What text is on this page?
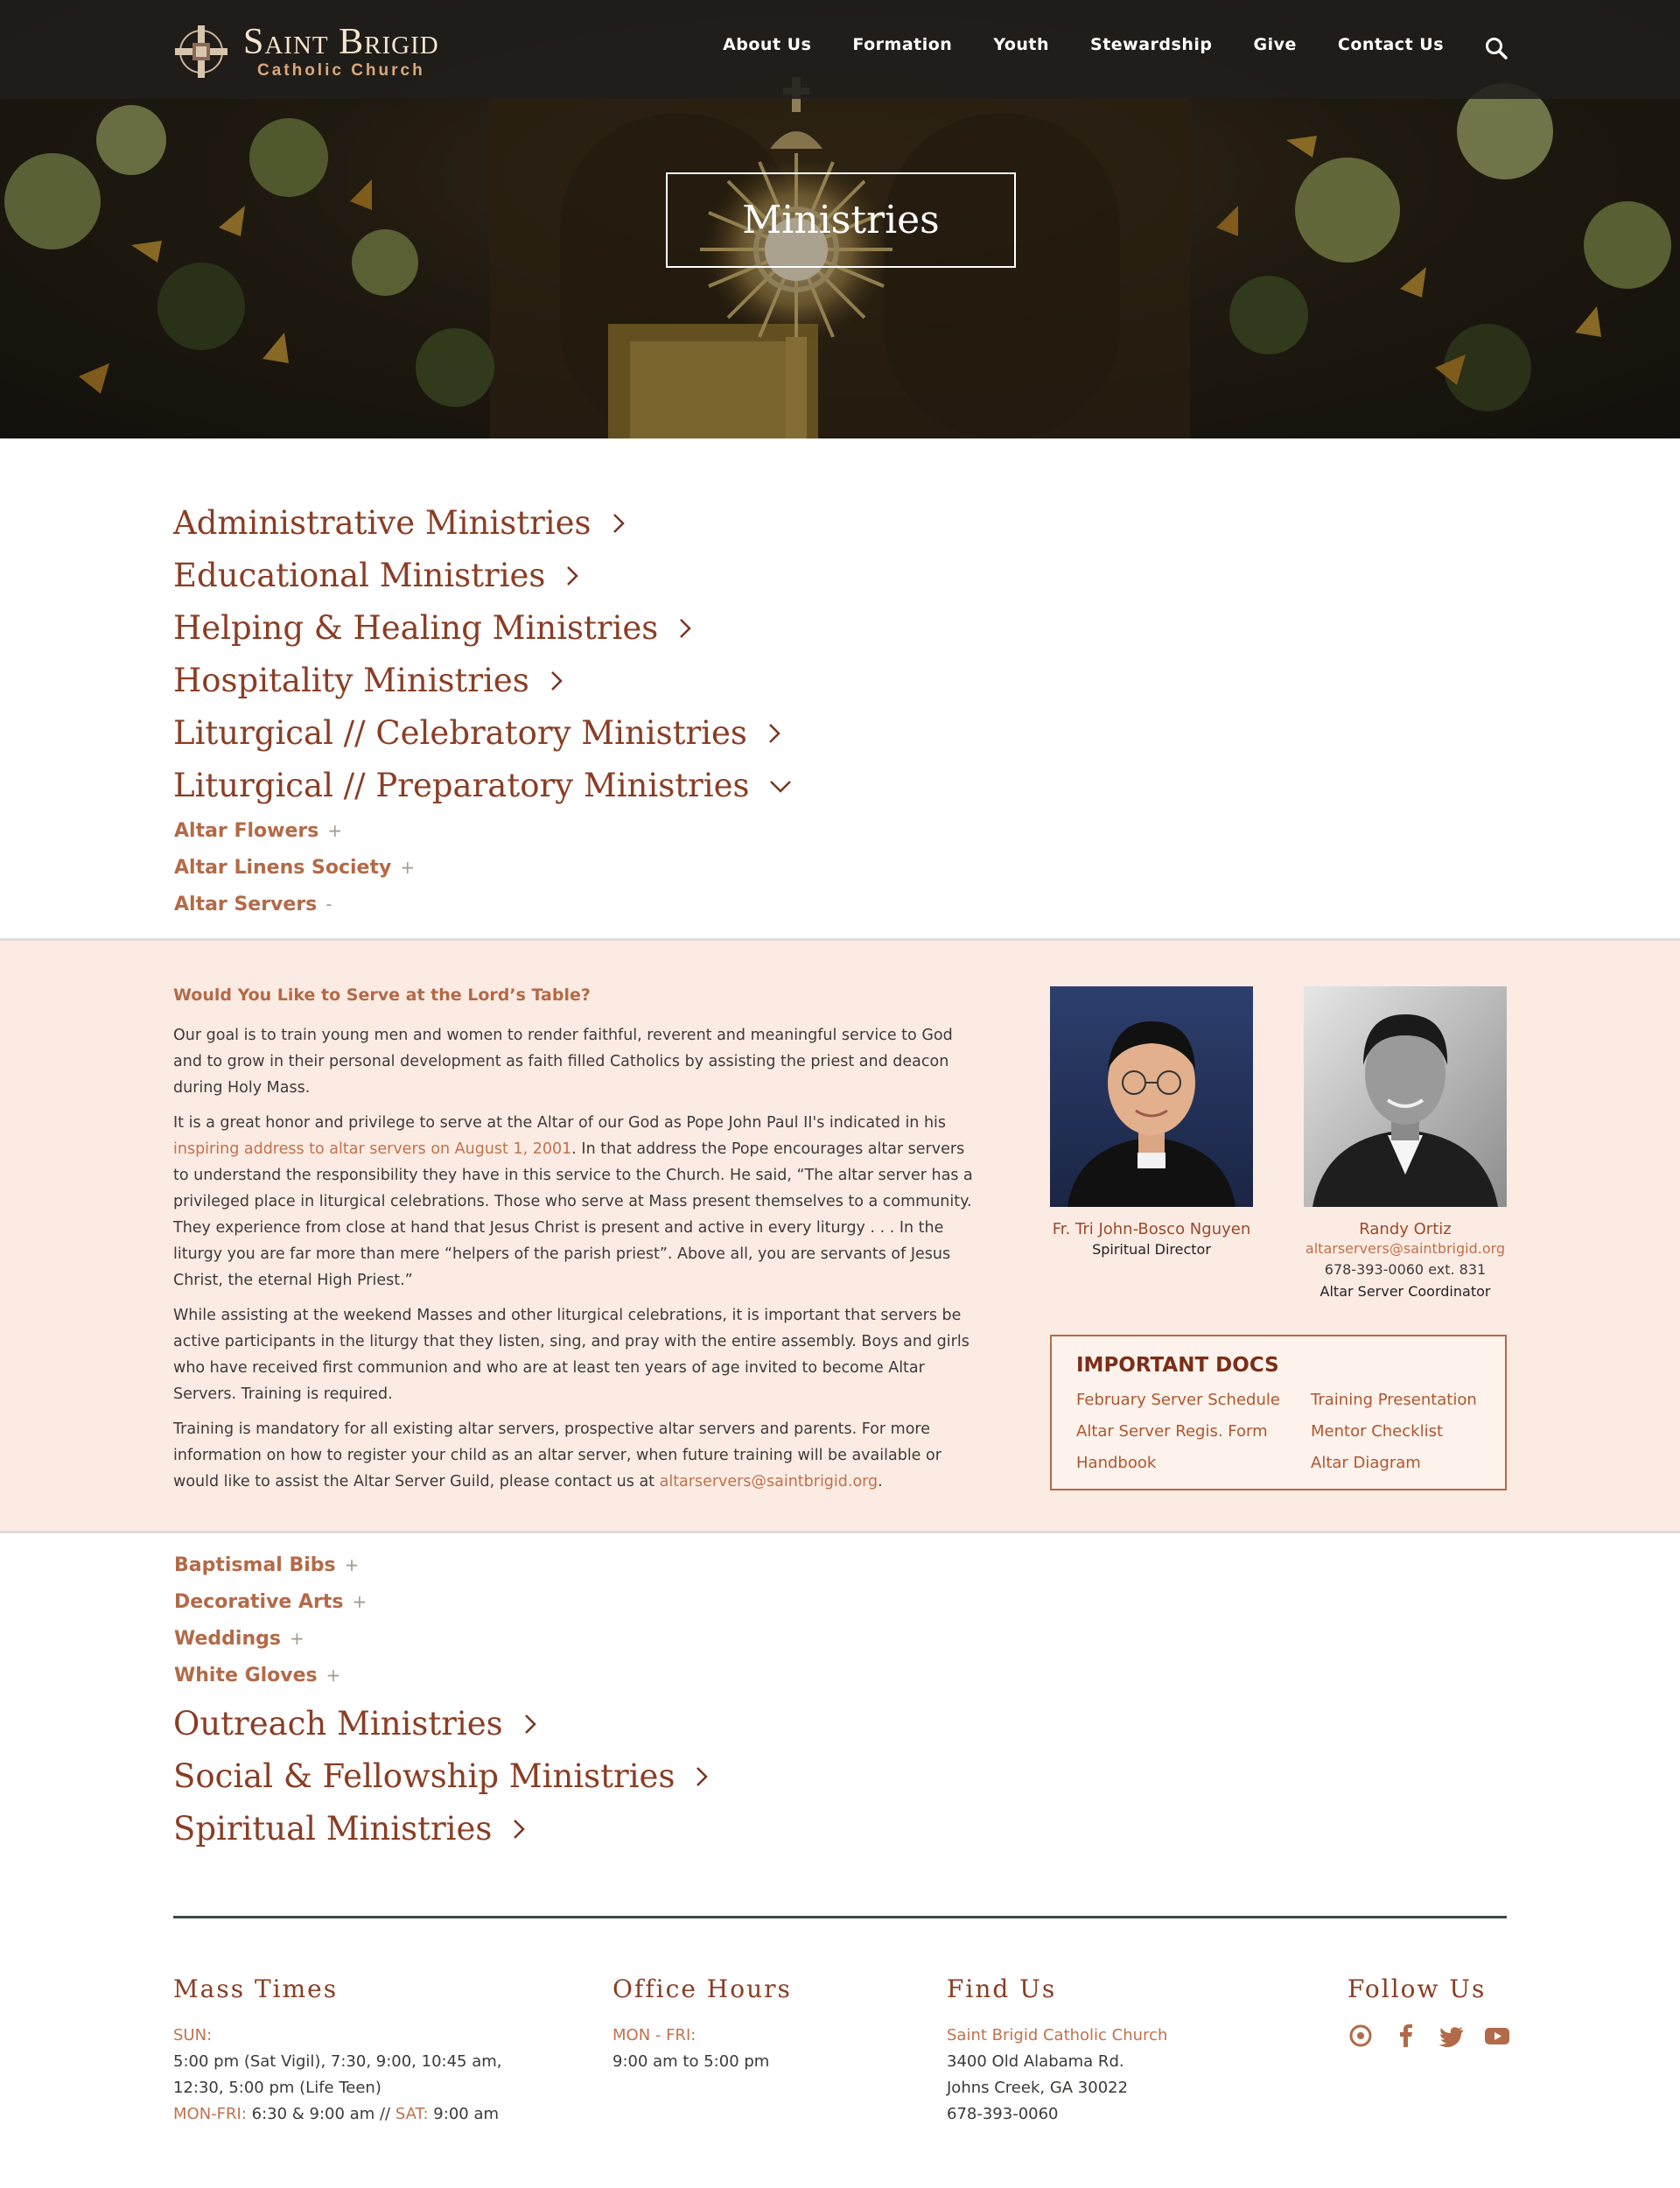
Saint Brigid
Catholic Church
About Us Formation Youth Stewardship Give Contact Us
Ministries
Administrative Ministries
Educational Ministries
Helping & Healing Ministries
Hospitality Ministries
Liturgical // Celebratory Ministries
Liturgical // Preparatory Ministries
Altar Flowers +
Altar Linens Society +
Altar Servers -
Would You Like to Serve at the Lord’s Table?

Our goal is to train young men and women to render faithful, reverent and meaningful service to God and to grow in their personal development as faith filled Catholics by assisting the priest and deacon during Holy Mass.

It is a great honor and privilege to serve at the Altar of our God as Pope John Paul II's indicated in his inspiring address to altar servers on August 1, 2001. In that address the Pope encourages altar servers to understand the responsibility they have in this service to the Church. He said, “The altar server has a privileged place in liturgical celebrations. Those who serve at Mass present themselves to a community. They experience from close at hand that Jesus Christ is present and active in every liturgy . . . In the liturgy you are far more than mere “helpers of the parish priest”. Above all, you are servants of Jesus Christ, the eternal High Priest.”

While assisting at the weekend Masses and other liturgical celebrations, it is important that servers be active participants in the liturgy that they listen, sing, and pray with the entire assembly. Boys and girls who have received first communion and who are at least ten years of age invited to become Altar Servers. Training is required.

Training is mandatory for all existing altar servers, prospective altar servers and parents. For more information on how to register your child as an altar server, when future training will be available or would like to assist the Altar Server Guild, please contact us at altarservers@saintbrigid.org.

Fr. Tri John-Bosco Nguyen
Spiritual Director
Randy Ortiz
altarservers@saintbrigid.org
678-393-0060 ext. 831
Altar Server Coordinator
IMPORTANT DOCS
February Server Schedule Training Presentation
Altar Server Regis. Form	Mentor Checklist
Handbook	Altar Diagram
Baptismal Bibs +
Decorative Arts +
Weddings +
White Gloves +
Outreach Ministries
Social & Fellowship Ministries
Spiritual Ministries
Mass Times
SUN:
5:00 pm (Sat Vigil), 7:30, 9:00, 10:45 am,
12:30, 5:00 pm (Life Teen)
MON-FRI: 6:30 & 9:00 am // SAT: 9:00 am
Office Hours
MON - FRI:
9:00 am to 5:00 pm
Find Us
Saint Brigid Catholic Church
3400 Old Alabama Rd.
Johns Creek, GA 30022
678-393-0060
Follow Us
